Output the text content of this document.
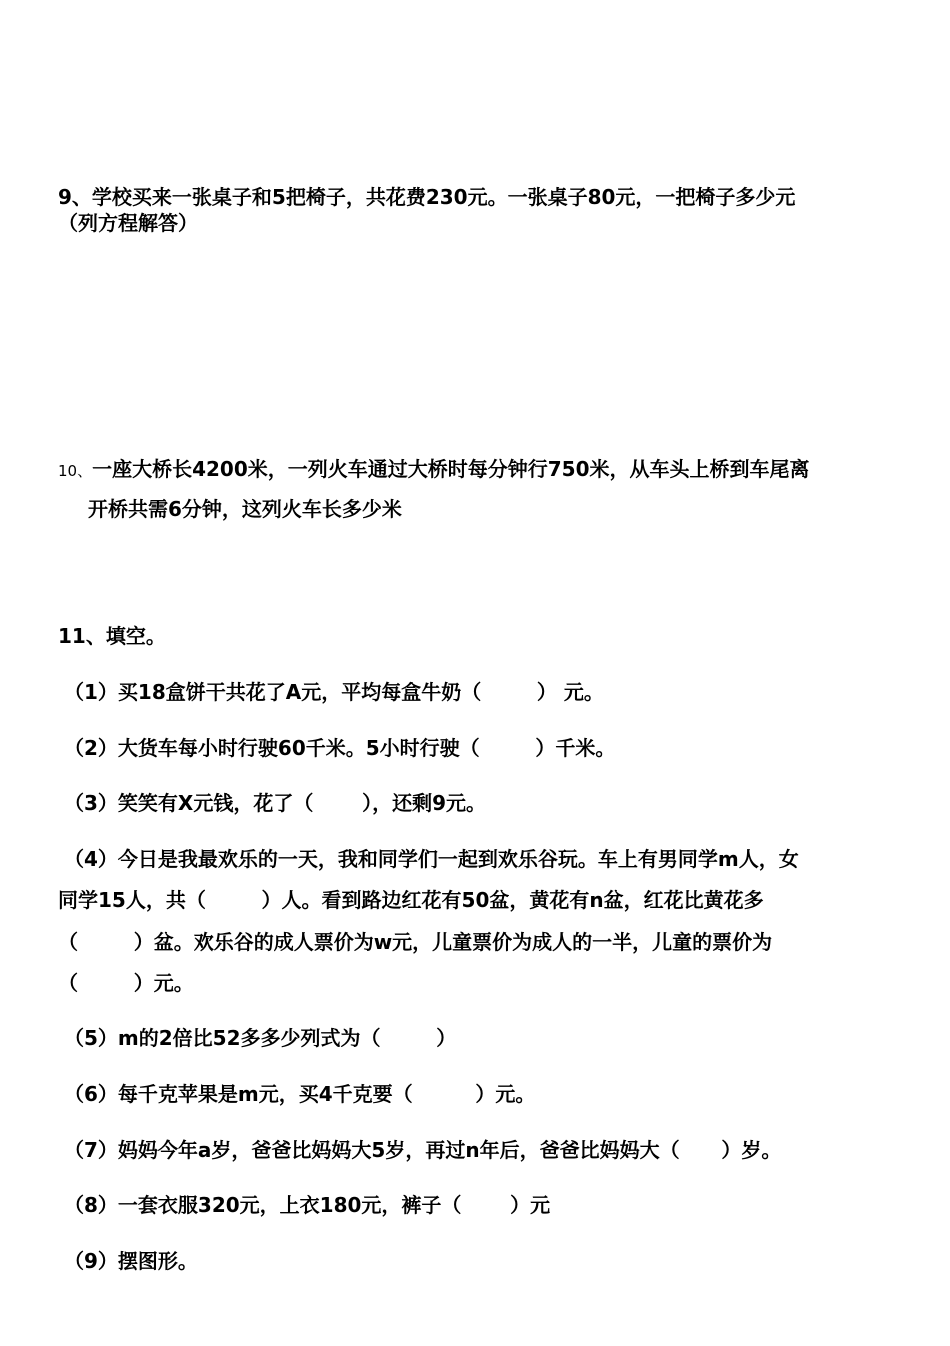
9、学校买来一张桌子和5把椅子，共花费230元。一张桌子80元，一把椅子多少元
（列方程解答）
10、一座大桥长4200米，一列火车通过大桥时每分钟行750米，从车头上桥到车尾离
开桥共需6分钟，这列火车长多少米
11、填空。
（1）买18盒饼干共花了A元，平均每盒牛奶（        ） 元。
（2）大货车每小时行驶60千米。5小时行驶（        ）千米。
（3）笑笑有X元钱，花了（       ），还剩9元。
（4）今日是我最欢乐的一天，我和同学们一起到欢乐谷玩。车上有男同学m人，女
同学15人，共（        ）人。看到路边红花有50盆，黄花有n盆，红花比黄花多
（        ）盆。欢乐谷的成人票价为w元，儿童票价为成人的一半，儿童的票价为
（        ）元。
（5）m的2倍比52多多少列式为（        ）
（6）每千克苹果是m元，买4千克要（         ）元。
（7）妈妈今年a岁，爸爸比妈妈大5岁，再过n年后，爸爸比妈妈大（      ）岁。
（8）一套衣服320元，上衣180元，裤子（       ）元
（9）摆图形。
